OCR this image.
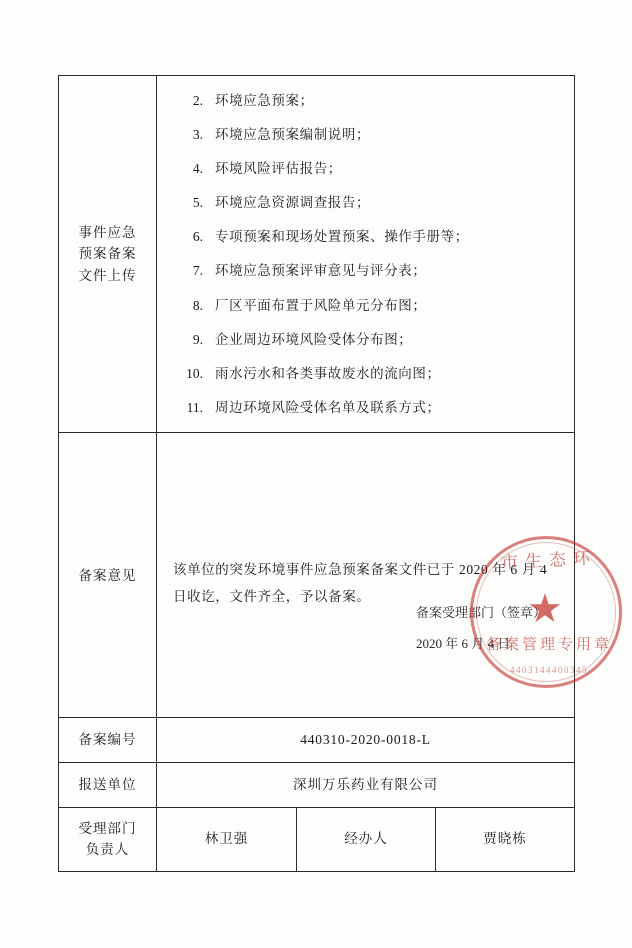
事件应急
预案备案
文件上传

2. 环境应急预案；
3. 环境应急预案编制说明；
4. 环境风险评估报告；
5. 环境应急资源调查报告；
6. 专项预案和现场处置预案、操作手册等；
7. 环境应急预案评审意见与评分表；
8. 厂区平面布置于风险单元分布图；
9. 企业周边环境风险受体分布图；
10. 雨水污水和各类事故废水的流向图；
11. 周边环境风险受体名单及联系方式；

备案意见	该单位的突发环境事件应急预案备案文件已于 2020 年 6 月 4 日收讫，文件齐全，予以备案。
备案受理部门（签章）
2020 年 6 月 4 日
市生态环
★
备案管理专用章
4403144400345

备案编号	440310-2020-0018-L		
报送单位	深圳万乐药业有限公司		

受理部门
负责人	林卫强	经办人	贾晓栋
